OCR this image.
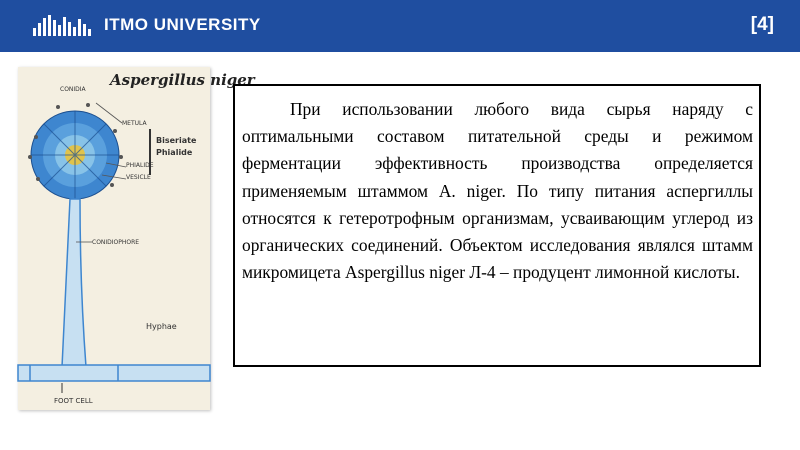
ITMO UNIVERSITY	[4]
Aspergillus niger
CONIDIA
METULA
Biseriate
Phialide
PHIALIDE
VESICLE
CONIDIOPHORE
Hyphae
FOOT CELL

При использовании любого вида сырья наряду с оптимальными составом питательной среды и режимом ферментации эффективность производства определяется применяемым штаммом A. niger. По типу питания аспергиллы относятся к гетеротрофным организмам, усваивающим углерод из органических соединений. Объектом исследования являлся штамм микромицета Aspergillus niger Л-4 – продуцент лимонной кислоты.
